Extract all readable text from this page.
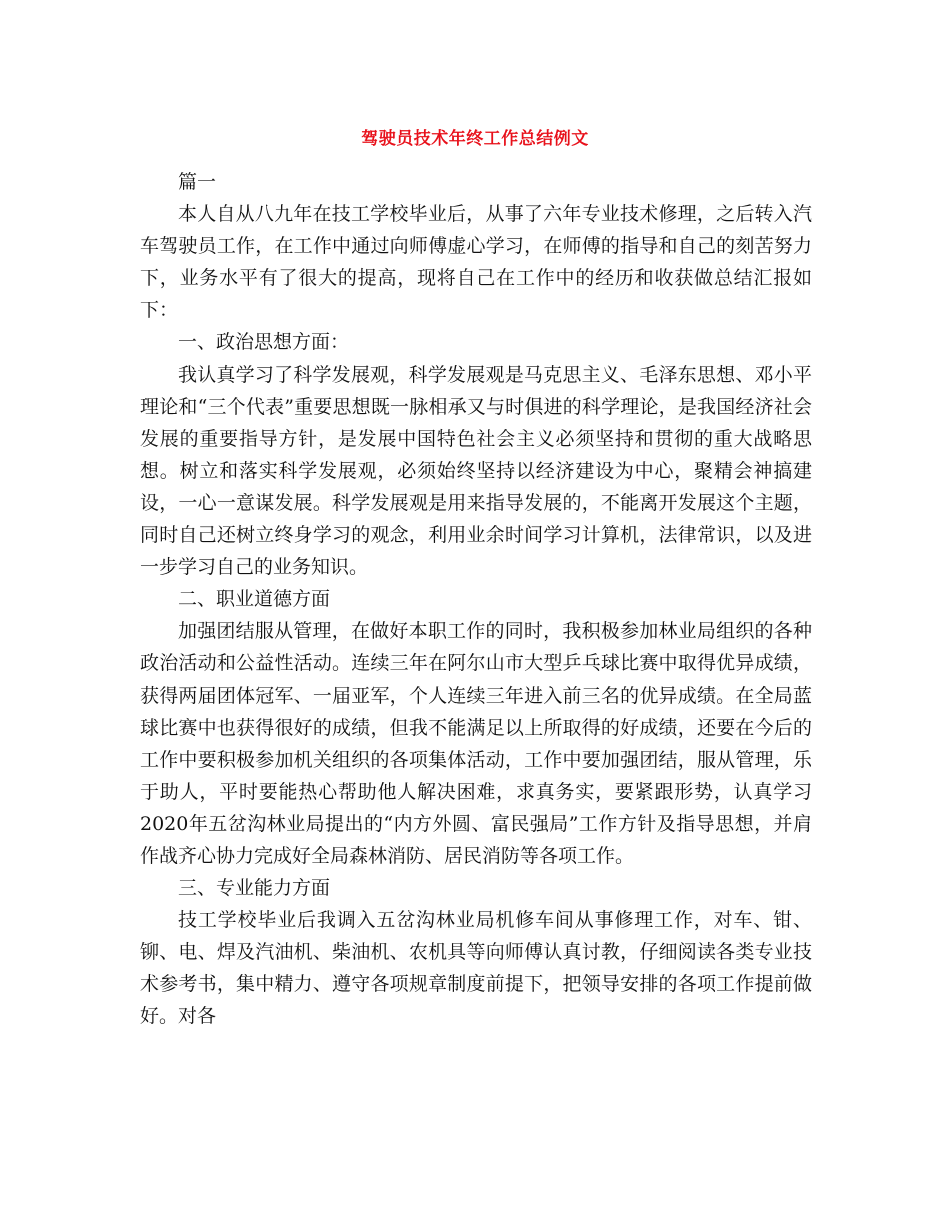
驾驶员技术年终工作总结例文

篇一

本人自从八九年在技工学校毕业后，从事了六年专业技术修理，之后转入汽车驾驶员工作，在工作中通过向师傅虚心学习，在师傅的指导和自己的刻苦努力下，业务水平有了很大的提高，现将自己在工作中的经历和收获做总结汇报如下：

一、政治思想方面：

我认真学习了科学发展观，科学发展观是马克思主义、毛泽东思想、邓小平理论和“三个代表”重要思想既一脉相承又与时俱进的科学理论，是我国经济社会发展的重要指导方针，是发展中国特色社会主义必须坚持和贯彻的重大战略思想。树立和落实科学发展观，必须始终坚持以经济建设为中心，聚精会神搞建设，一心一意谋发展。科学发展观是用来指导发展的，不能离开发展这个主题，同时自己还树立终身学习的观念，利用业余时间学习计算机，法律常识，以及进一步学习自己的业务知识。

二、职业道德方面

加强团结服从管理，在做好本职工作的同时，我积极参加林业局组织的各种政治活动和公益性活动。连续三年在阿尔山市大型乒乓球比赛中取得优异成绩，获得两届团体冠军、一届亚军，个人连续三年进入前三名的优异成绩。在全局蓝球比赛中也获得很好的成绩，但我不能满足以上所取得的好成绩，还要在今后的工作中要积极参加机关组织的各项集体活动，工作中要加强团结，服从管理，乐于助人，平时要能热心帮助他人解决困难，求真务实，要紧跟形势，认真学习2020年五岔沟林业局提出的“内方外圆、富民强局”工作方针及指导思想，并肩作战齐心协力完成好全局森林消防、居民消防等各项工作。

三、专业能力方面

技工学校毕业后我调入五岔沟林业局机修车间从事修理工作，对车、钳、铆、电、焊及汽油机、柴油机、农机具等向师傅认真讨教，仔细阅读各类专业技术参考书，集中精力、遵守各项规章制度前提下，把领导安排的各项工作提前做好。对各
